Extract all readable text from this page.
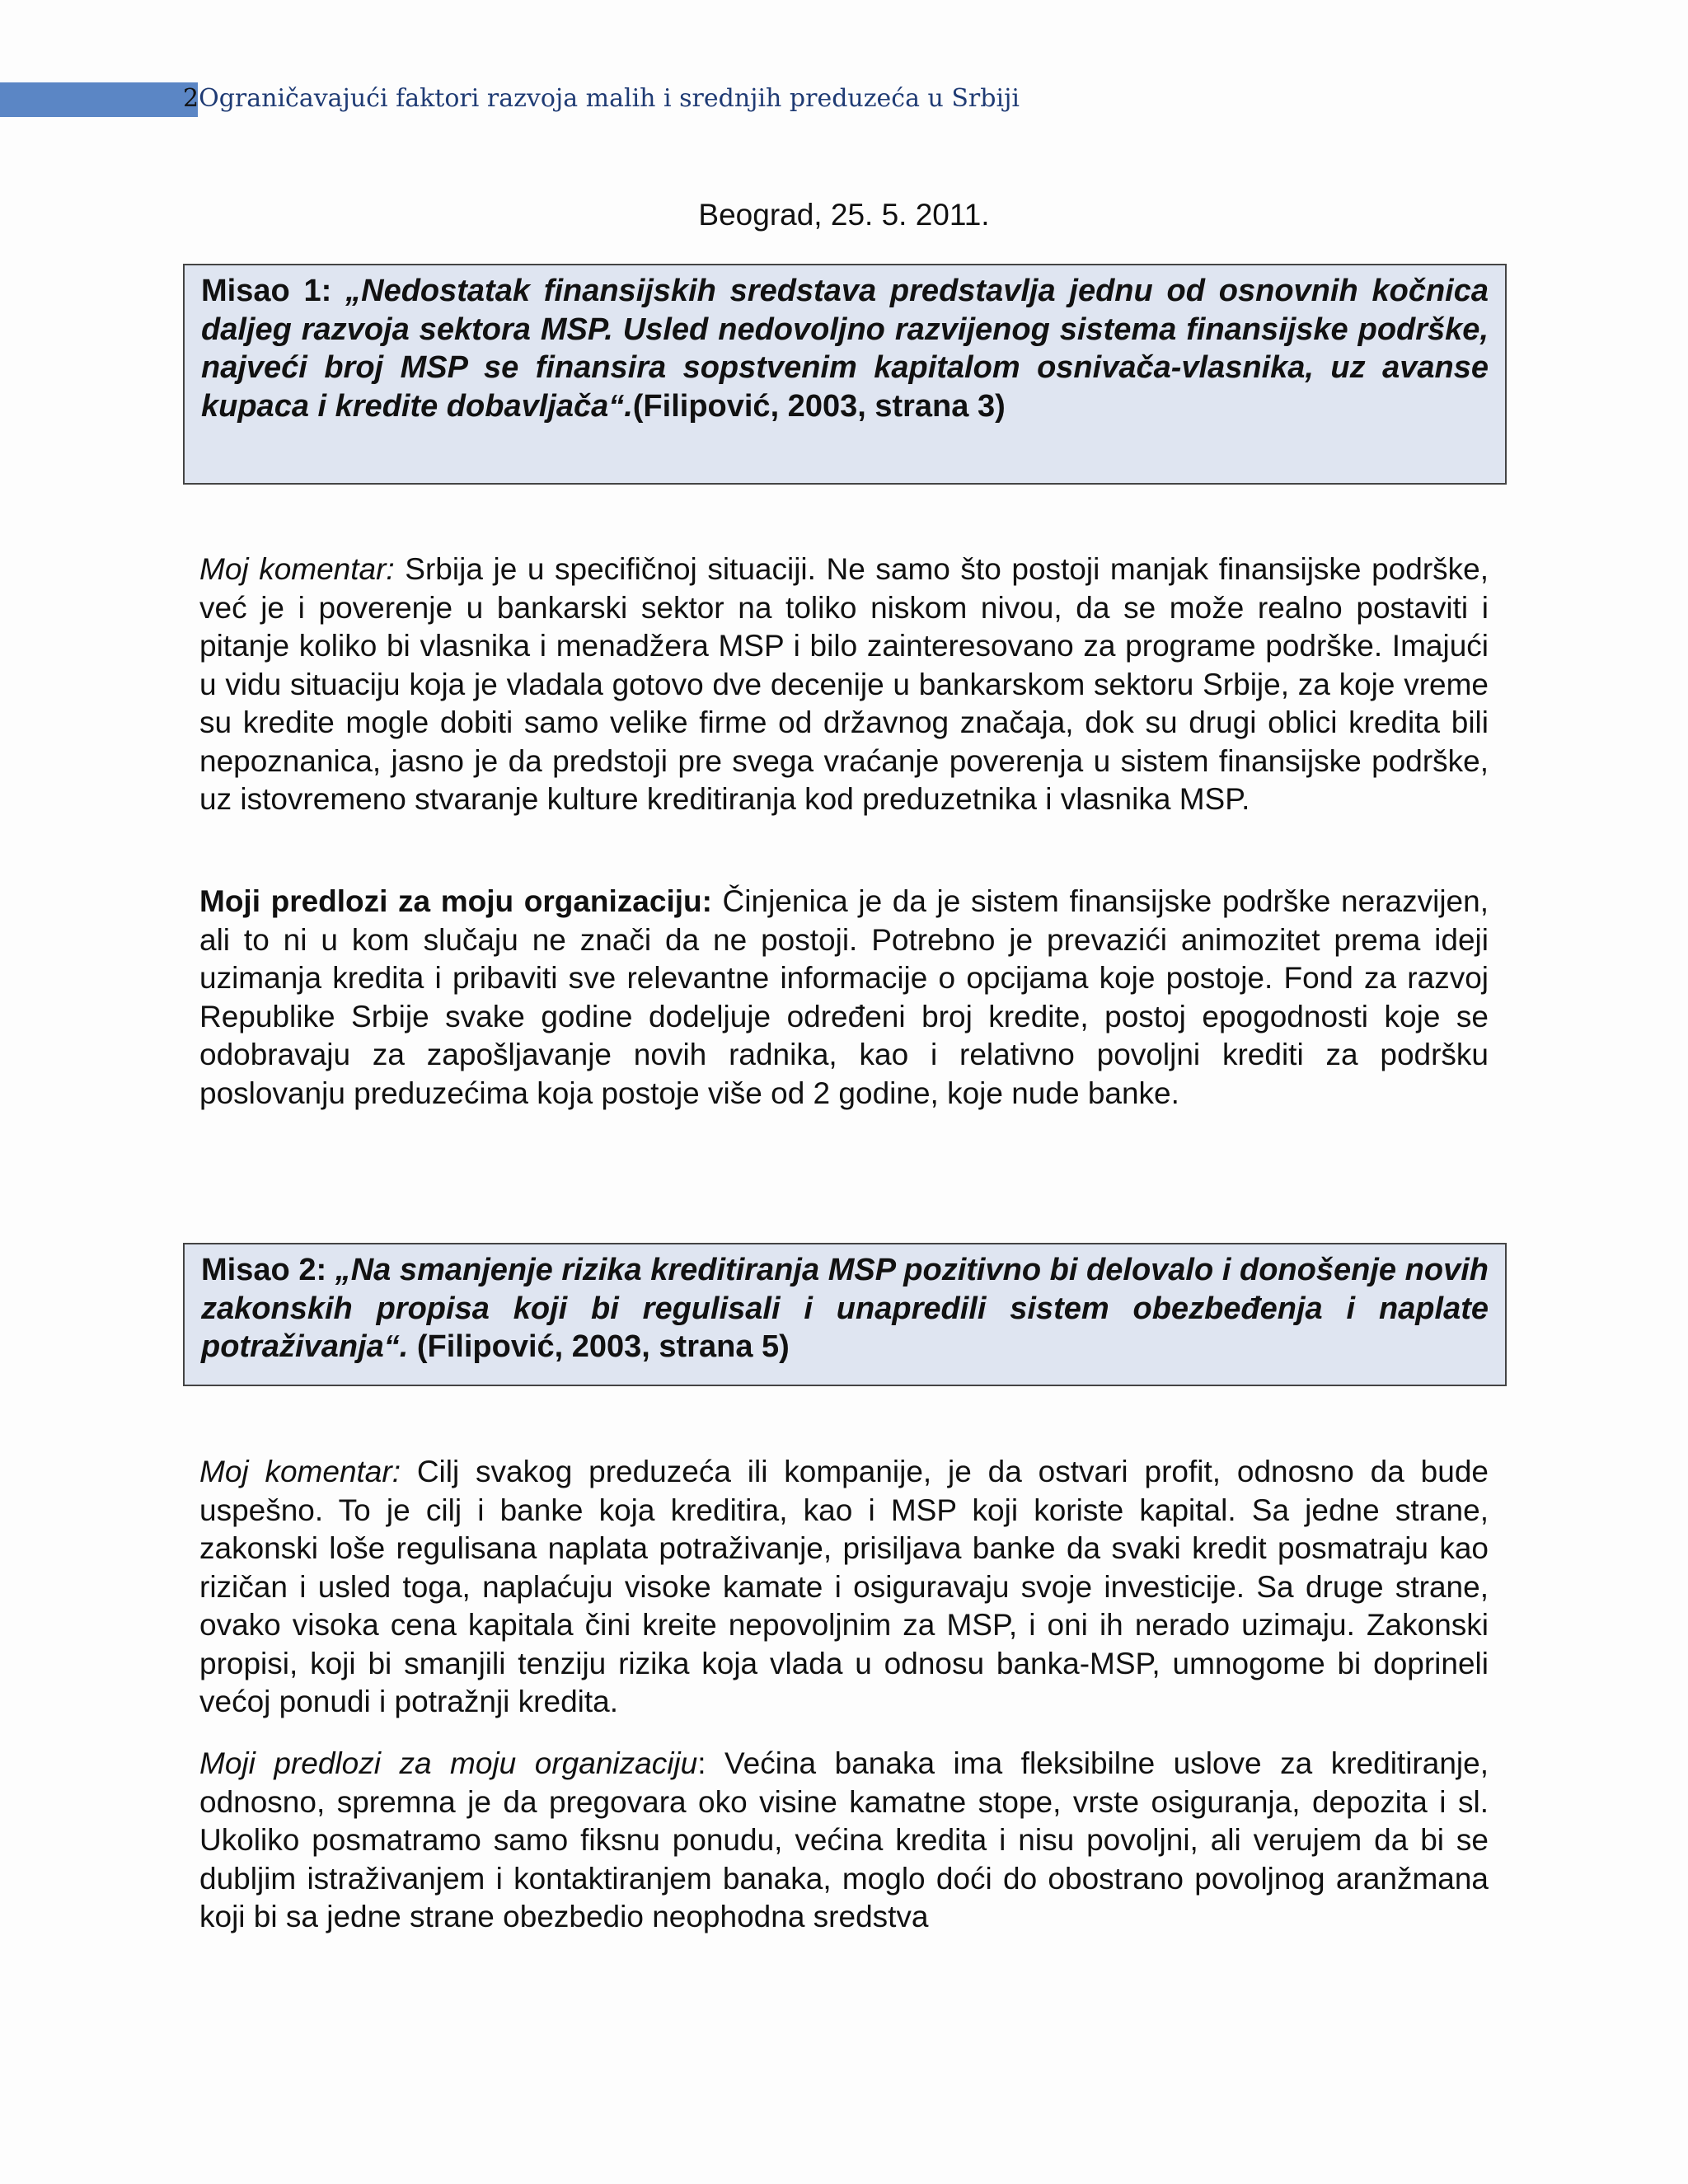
2Ograničavajući faktori razvoja malih i srednjih preduzeća u Srbiji
Beograd, 25. 5. 2011.
Misao 1: „Nedostatak finansijskih sredstava predstavlja jednu od osnovnih kočnica daljeg razvoja sektora MSP. Usled nedovoljno razvijenog sistema finansijske podrške, najveći broj MSP se finansira sopstvenim kapitalom osnivača-vlasnika, uz avanse kupaca i kredite dobavljača“.(Filipović, 2003, strana 3)

Moj komentar: Srbija je u specifičnoj situaciji. Ne samo što postoji manjak finansijske podrške, već je i poverenje u bankarski sektor na toliko niskom nivou, da se može realno postaviti i pitanje koliko bi vlasnika i menadžera MSP i bilo zainteresovano za programe podrške. Imajući u vidu situaciju koja je vladala gotovo dve decenije u bankarskom sektoru Srbije, za koje vreme su kredite mogle dobiti samo velike firme od državnog značaja, dok su drugi oblici kredita bili nepoznanica, jasno je da predstoji pre svega vraćanje poverenja u sistem finansijske podrške, uz istovremeno stvaranje kulture kreditiranja kod preduzetnika i vlasnika MSP.

Moji predlozi za moju organizaciju: Činjenica je da je sistem finansijske podrške nerazvijen, ali to ni u kom slučaju ne znači da ne postoji. Potrebno je prevazići animozitet prema ideji uzimanja kredita i pribaviti sve relevantne informacije o opcijama koje postoje. Fond za razvoj Republike Srbije svake godine dodeljuje određeni broj kredite, postoj epogodnosti koje se odobravaju za zapošljavanje novih radnika, kao i relativno povoljni krediti za podršku poslovanju preduzećima koja postoje više od 2 godine, koje nude banke.

Misao 2: „Na smanjenje rizika kreditiranja MSP pozitivno bi delovalo i donošenje novih zakonskih propisa koji bi regulisali i unapredili sistem obezbeđenja i naplate potraživanja“. (Filipović, 2003, strana 5)

Moj komentar: Cilj svakog preduzeća ili kompanije, je da ostvari profit, odnosno da bude uspešno. To je cilj i banke koja kreditira, kao i MSP koji koriste kapital. Sa jedne strane, zakonski loše regulisana naplata potraživanje, prisiljava banke da svaki kredit posmatraju kao rizičan i usled toga, naplaćuju visoke kamate i osiguravaju svoje investicije. Sa druge strane, ovako visoka cena kapitala čini kreite nepovoljnim za MSP, i oni ih nerado uzimaju. Zakonski propisi, koji bi smanjili tenziju rizika koja vlada u odnosu banka-MSP, umnogome bi doprineli većoj ponudi i potražnji kredita.

Moji predlozi za moju organizaciju: Većina banaka ima fleksibilne uslove za kreditiranje, odnosno, spremna je da pregovara oko visine kamatne stope, vrste osiguranja, depozita i sl. Ukoliko posmatramo samo fiksnu ponudu, većina kredita i nisu povoljni, ali verujem da bi se dubljim istraživanjem i kontaktiranjem banaka, moglo doći do obostrano povoljnog aranžmana koji bi sa jedne strane obezbedio neophodna sredstva
